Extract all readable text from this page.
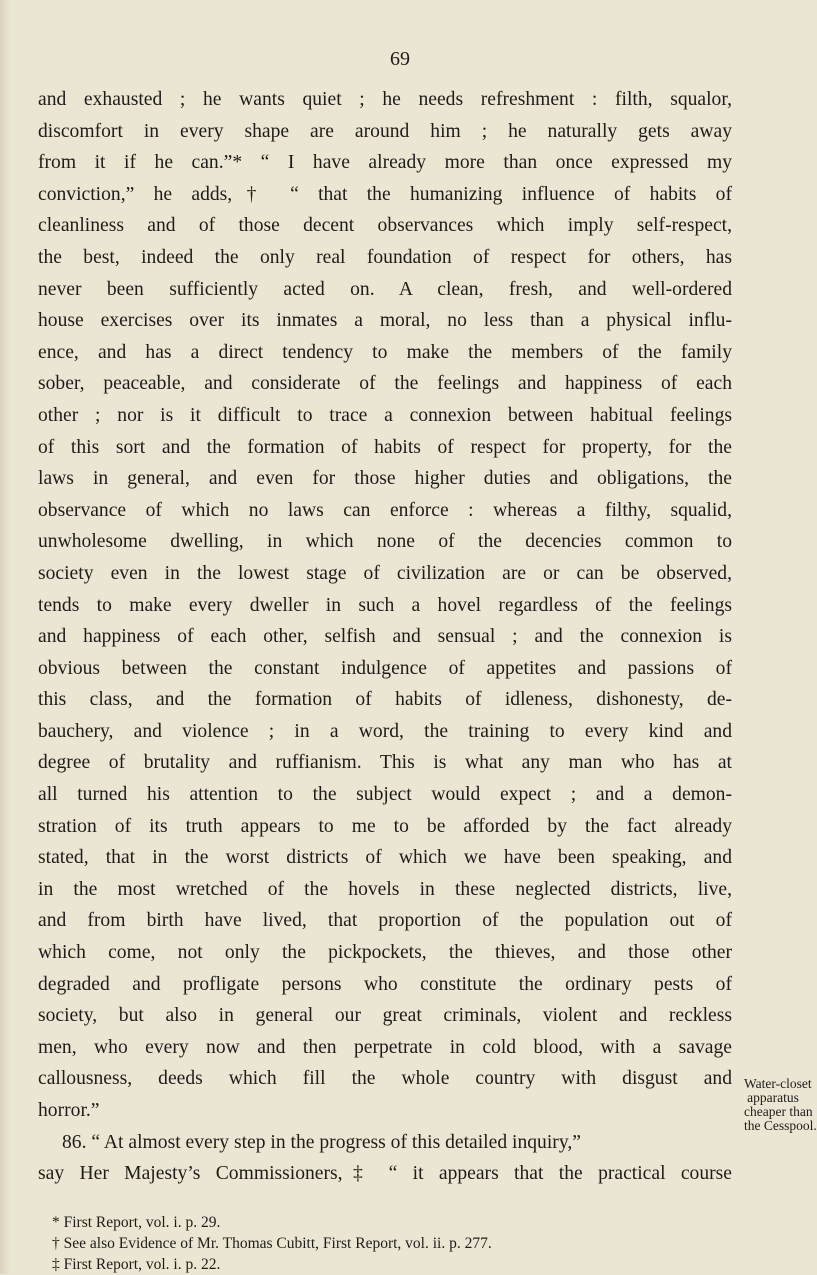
69
and exhausted ; he wants quiet ; he needs refreshment : filth, squalor,
discomfort in every shape are around him ; he naturally gets away
from it if he can.”* “ I have already more than once expressed my
conviction,” he adds,† “ that the humanizing influence of habits of
cleanliness and of those decent observances which imply self-respect,
the best, indeed the only real foundation of respect for others, has
never been sufficiently acted on. A clean, fresh, and well-ordered
house exercises over its inmates a moral, no less than a physical influ-
ence, and has a direct tendency to make the members of the family
sober, peaceable, and considerate of the feelings and happiness of each
other ; nor is it difficult to trace a connexion between habitual feelings
of this sort and the formation of habits of respect for property, for the
laws in general, and even for those higher duties and obligations, the
observance of which no laws can enforce : whereas a filthy, squalid,
unwholesome dwelling, in which none of the decencies common to
society even in the lowest stage of civilization are or can be observed,
tends to make every dweller in such a hovel regardless of the feelings
and happiness of each other, selfish and sensual ; and the connexion is
obvious between the constant indulgence of appetites and passions of
this class, and the formation of habits of idleness, dishonesty, de-
bauchery, and violence ; in a word, the training to every kind and
degree of brutality and ruffianism. This is what any man who has at
all turned his attention to the subject would expect ; and a demon-
stration of its truth appears to me to be afforded by the fact already
stated, that in the worst districts of which we have been speaking, and
in the most wretched of the hovels in these neglected districts, live,
and from birth have lived, that proportion of the population out of
which come, not only the pickpockets, the thieves, and those other
degraded and profligate persons who constitute the ordinary pests of
society, but also in general our great criminals, violent and reckless
men, who every now and then perpetrate in cold blood, with a savage
callousness, deeds which fill the whole country with disgust and
horror.”
86. “ At almost every step in the progress of this detailed inquiry,”
say Her Majesty’s Commissioners,‡ “ it appears that the practical course
Water-closet
apparatus
cheaper than
the Cesspool.
* First Report, vol. i. p. 29.
† See also Evidence of Mr. Thomas Cubitt, First Report, vol. ii. p. 277.
‡ First Report, vol. i. p. 22.
